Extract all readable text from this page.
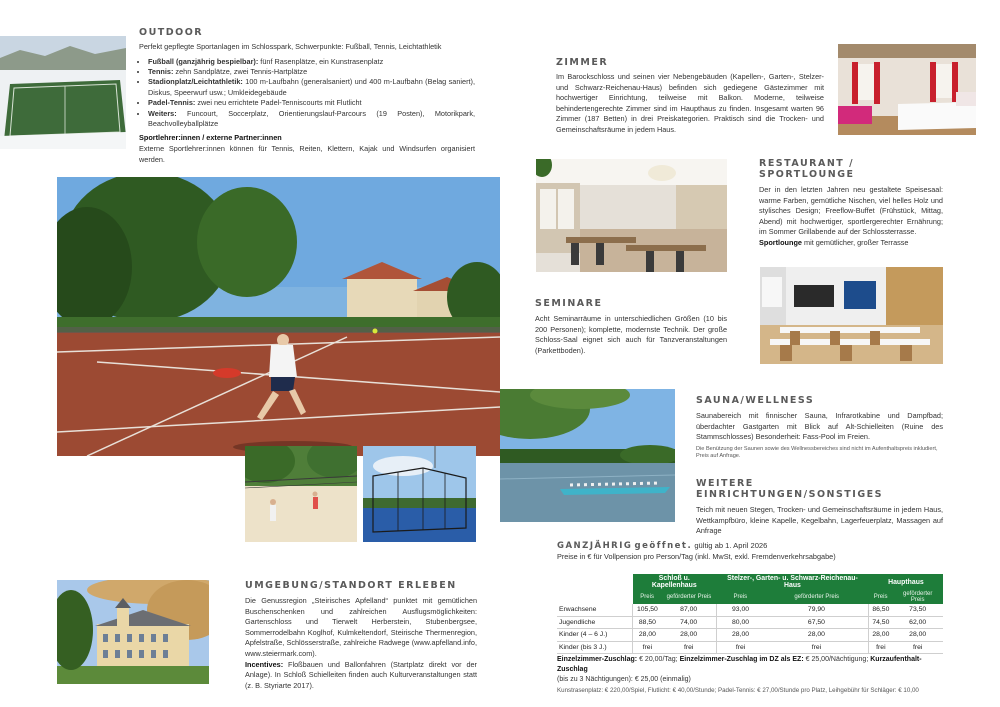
OUTDOOR
Perfekt gepflegte Sportanlagen im Schlosspark, Schwerpunkte: Fußball, Tennis, Leichtathletik
• Fußball (ganzjährig bespielbar): fünf Rasenplätze, ein Kunstrasenplatz
• Tennis: zehn Sandplätze, zwei Tennis-Hartplätze
• Stadionplatz/Leichtathletik: 100 m-Laufbahn (generalsaniert) und 400 m-Laufbahn (Belag saniert), Diskus, Speerwurf usw.; Umkleidegebäude
• Padel-Tennis: zwei neu errichtete Padel-Tenniscourts mit Flutlicht
• Weiters: Funcourt, Soccerplatz, Orientierungslauf-Parcours (19 Posten), Motorikpark, Beachvolleyballplätze
Sportlehrer:innen / externe Partner:innen
Externe Sportlehrer:innen können für Tennis, Reiten, Klettern, Kajak und Windsurfen organisiert werden.
ZIMMER
Im Barockschloss und seinen vier Nebengebäuden (Kapellen-, Garten-, Stelzer- und Schwarz-Reichenau-Haus) befinden sich gediegene Gästezimmer mit hochwertiger Einrichtung, teilweise mit Balkon. Moderne, teilweise behindertengerechte Zimmer sind im Haupthaus zu finden. Insgesamt warten 96 Zimmer (187 Betten) in drei Preiskategorien. Praktisch sind die Trocken- und Gemeinschaftsräume in jedem Haus.
RESTAURANT / SPORTLOUNGE
Der in den letzten Jahren neu gestaltete Speisesaal: warme Farben, gemütliche Nischen, viel helles Holz und stylisches Design; Freeflow-Buffet (Frühstück, Mittag, Abend) mit hochwertiger, sportlergerechter Ernährung; im Sommer Grillabende auf der Schlossterrasse.
Sportlounge mit gemütlicher, großer Terrasse
SEMINARE
Acht Seminarräume in unterschiedlichen Größen (10 bis 200 Personen); komplette, modernste Technik. Der große Schloss-Saal eignet sich auch für Tanzveranstaltungen (Parkettboden).
SAUNA/WELLNESS
Saunabereich mit finnischer Sauna, Infrarotkabine und Dampfbad; überdachter Gastgarten mit Blick auf Alt-Schielleiten (Ruine des Stammschlosses) Besonderheit: Fass-Pool im Freien.
Die Benützung der Saunen sowie des Wellnessbereiches sind nicht im Aufenthaltspreis inkludiert, Preis auf Anfrage.
WEITERE EINRICHTUNGEN/SONSTIGES
Teich mit neuen Stegen, Trocken- und Gemeinschaftsräume in jedem Haus, Wettkampfbüro, kleine Kapelle, Kegelbahn, Lagerfeuerplatz, Massagen auf Anfrage
UMGEBUNG/STANDORT ERLEBEN
Die Genussregion „Steirisches Apfelland“ punktet mit gemütlichen Buschenschenken und zahlreichen Ausflugsmöglichkeiten: Gartenschloss und Tierwelt Herberstein, Stubenbergsee, Sommerrodelbahn Koglhof, Kulmkeltendorf, Steirische Thermenregion, Apfelstraße, Schlösserstraße, zahlreiche Radwege (www.apfelland.info, www.steiermark.com).
Incentives: Floßbauen und Ballonfahren (Startplatz direkt vor der Anlage). In Schloß Schielleiten finden auch Kulturveranstaltungen statt (z. B. Styriarte 2017).
GANZJÄHRIG geöffnet. gültig ab 1. April 2026
Preise in € für Vollpension pro Person/Tag (inkl. MwSt, exkl. Fremdenverkehrsabgabe)
	Schloß u. Kapellenhaus		Stelzer-, Garten- u. Schwarz-Reichenau-Haus		Haupthaus	
	Preis	geförderter Preis	Preis	geförderter Preis	Preis	geförderter Preis
Erwachsene	105,50	87,00	93,00	79,90	86,50	73,50
Jugendliche	88,50	74,00	80,00	67,50	74,50	62,00
Kinder (4 – 6 J.)	28,00	28,00	28,00	28,00	28,00	28,00
Kinder (bis 3 J.)	frei	frei	frei	frei	frei	frei
Einzelzimmer-Zuschlag: € 20,00/Tag; Einzelzimmer-Zuschlag im DZ als EZ: € 25,00/Nächtigung; Kurzaufenthalt-Zuschlag
(bis zu 3 Nächtigungen): € 25,00 (einmalig)
Kunstrasenplatz: € 220,00/Spiel, Flutlicht: € 40,00/Stunde; Padel-Tennis: € 27,00/Stunde pro Platz, Leihgebühr für Schläger: € 10,00
